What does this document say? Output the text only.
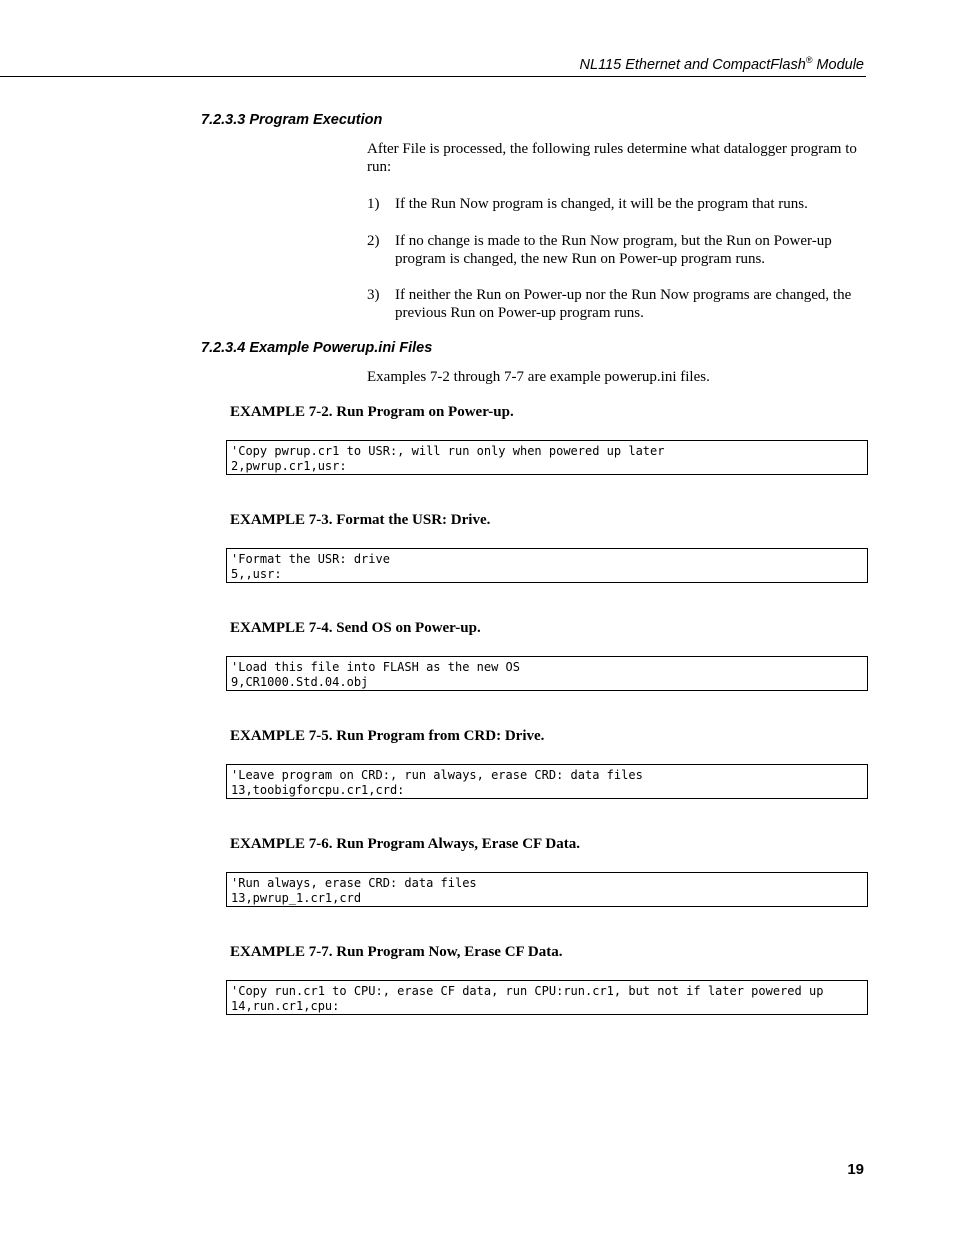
NL115 Ethernet and CompactFlash® Module
7.2.3.3 Program Execution
After File is processed, the following rules determine what datalogger program to run:
1) If the Run Now program is changed, it will be the program that runs.
2) If no change is made to the Run Now program, but the Run on Power-up program is changed, the new Run on Power-up program runs.
3) If neither the Run on Power-up nor the Run Now programs are changed, the previous Run on Power-up program runs.
7.2.3.4 Example Powerup.ini Files
Examples 7-2 through 7-7 are example powerup.ini files.
EXAMPLE 7-2. Run Program on Power-up.
'Copy pwrup.cr1 to USR:, will run only when powered up later
2,pwrup.cr1,usr:
EXAMPLE 7-3. Format the USR: Drive.
'Format the USR: drive
5,,usr:
EXAMPLE 7-4. Send OS on Power-up.
'Load this file into FLASH as the new OS
9,CR1000.Std.04.obj
EXAMPLE 7-5. Run Program from CRD: Drive.
'Leave program on CRD:, run always, erase CRD: data files
13,toobigforcpu.cr1,crd:
EXAMPLE 7-6. Run Program Always, Erase CF Data.
'Run always, erase CRD: data files
13,pwrup_1.cr1,crd
EXAMPLE 7-7. Run Program Now, Erase CF Data.
'Copy run.cr1 to CPU:, erase CF data, run CPU:run.cr1, but not if later powered up
14,run.cr1,cpu:
19
